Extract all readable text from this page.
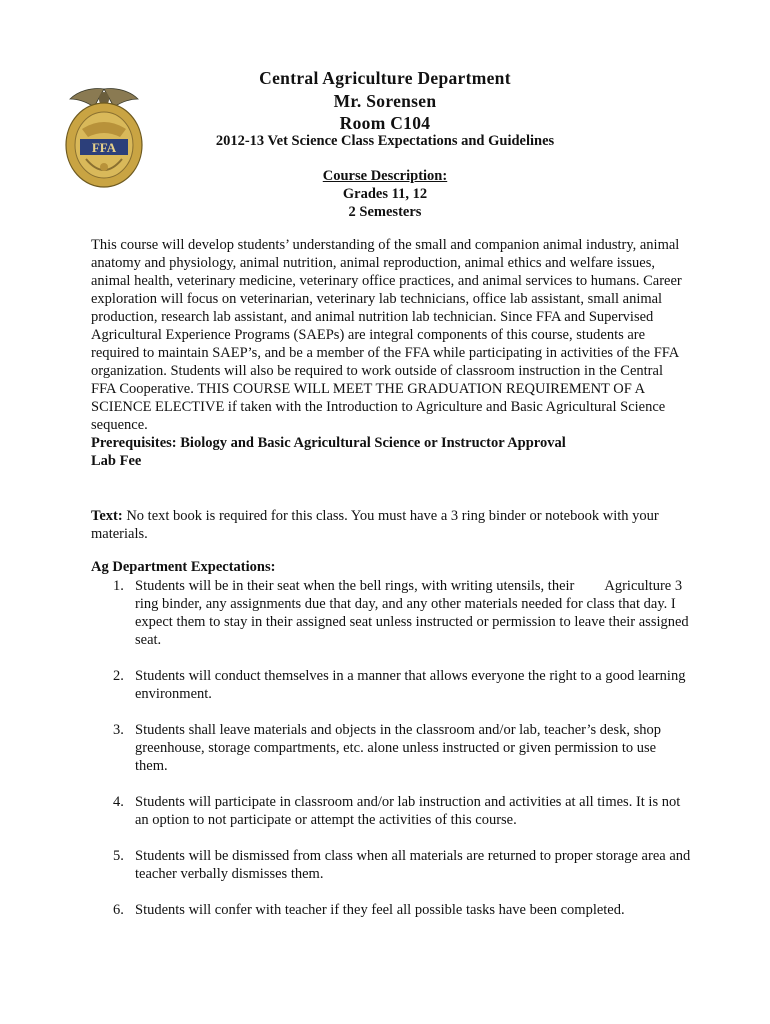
FFA
Central Agriculture Department
Mr. Sorensen
Room C104
2012-13 Vet Science Class Expectations and Guidelines
Course Description:
Grades 11, 12
2 Semesters

This course will develop students’ understanding of the small and companion animal industry, animal anatomy and physiology, animal nutrition, animal reproduction, animal ethics and welfare issues, animal health, veterinary medicine, veterinary office practices, and animal services to humans. Career exploration will focus on veterinarian, veterinary lab technicians, office lab assistant, small animal production, research lab assistant, and animal nutrition lab technician. Since FFA and Supervised Agricultural Experience Programs (SAEPs) are integral components of this course, students are required to maintain SAEP’s, and be a member of the FFA while participating in activities of the FFA organization. Students will also be required to work outside of classroom instruction in the Central FFA Cooperative. THIS COURSE WILL MEET THE GRADUATION REQUIREMENT OF A SCIENCE ELECTIVE if taken with the Introduction to Agriculture and Basic Agricultural Science sequence.

Prerequisites: Biology and Basic Agricultural Science or Instructor Approval

Lab Fee

Text: No text book is required for this class. You must have a 3 ring binder or notebook with your materials.
Ag Department Expectations:
1. Students will be in their seat when the bell rings, with writing utensils, their Agriculture 3 ring binder, any assignments due that day, and any other materials needed for class that day. I expect them to stay in their assigned seat unless instructed or permission to leave their assigned seat.
2. Students will conduct themselves in a manner that allows everyone the right to a good learning environment.
3. Students shall leave materials and objects in the classroom and/or lab, teacher’s desk, shop greenhouse, storage compartments, etc. alone unless instructed or given permission to use them.
4. Students will participate in classroom and/or lab instruction and activities at all times. It is not an option to not participate or attempt the activities of this course.
5. Students will be dismissed from class when all materials are returned to proper storage area and teacher verbally dismisses them.
6. Students will confer with teacher if they feel all possible tasks have been completed.
